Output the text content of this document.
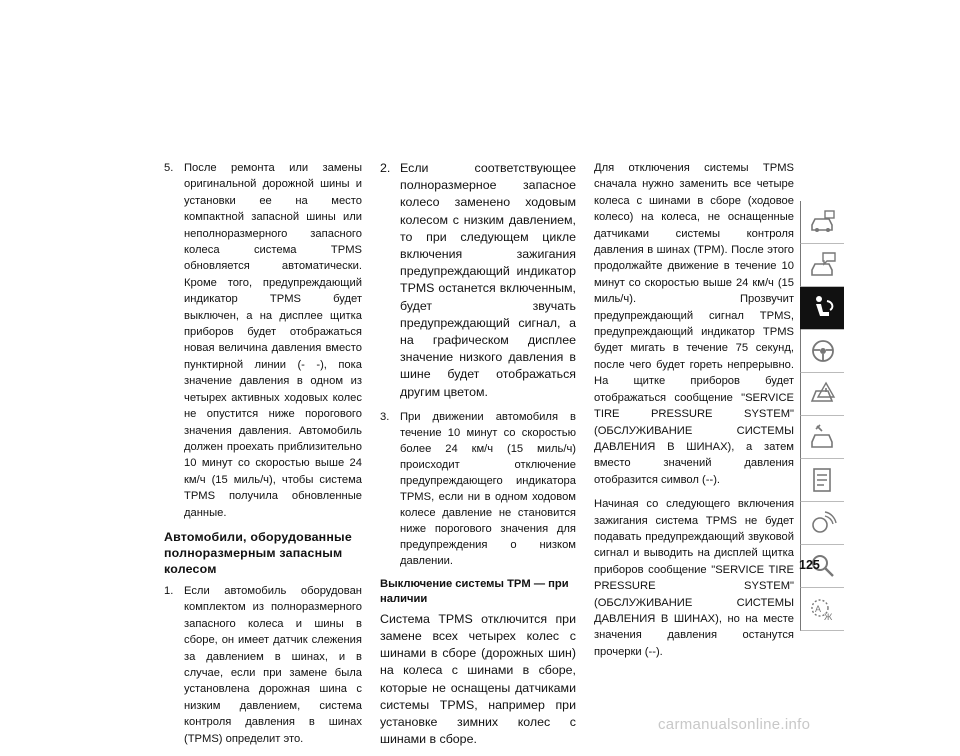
5. После ремонта или замены оригинальной дорожной шины и установки ее на место компактной запасной шины или неполноразмерного запасного колеса система TPMS обновляется автоматически. Кроме того, предупреждающий индикатор TPMS будет выключен, а на дисплее щитка приборов будет отображаться новая величина давления вместо пунктирной линии (- -), пока значение давления в одном из четырех активных ходовых колес не опустится ниже порогового значения давления. Автомобиль должен проехать приблизительно 10 минут со скоростью выше 24 км/ч (15 миль/ч), чтобы система TPMS получила обновленные данные.
Автомобили, оборудованные полноразмерным запасным колесом
1. Если автомобиль оборудован комплектом из полноразмерного запасного колеса и шины в сборе, он имеет датчик слежения за давлением в шинах, и в случае, если при замене была установлена дорожная шина с низким давлением, система контроля давления в шинах (TPMS) определит это.
2. Если соответствующее полноразмерное запасное колесо заменено ходовым колесом с низким давлением, то при следующем цикле включения зажигания предупреждающий индикатор TPMS останется включенным, будет звучать предупреждающий сигнал, а на графическом дисплее значение низкого давления в шине будет отображаться другим цветом.
3. При движении автомобиля в течение 10 минут со скоростью более 24 км/ч (15 миль/ч) происходит отключение предупреждающего индикатора TPMS, если ни в одном ходовом колесе давление не становится ниже порогового значения для предупреждения о низком давлении.
Выключение системы TPM — при наличии

Система TPMS отключится при замене всех четырех колес с шинами в сборе (дорожных шин) на колеса с шинами в сборе, которые не оснащены датчиками системы TPMS, например при установке зимних колес с шинами в сборе.

Для отключения системы TPMS сначала нужно заменить все четыре колеса с шинами в сборе (ходовое колесо) на колеса, не оснащенные датчиками системы контроля давления в шинах (TPM). После этого продолжайте движение в течение 10 минут со скоростью выше 24 км/ч (15 миль/ч). Прозвучит предупреждающий сигнал TPMS, предупреждающий индикатор TPMS будет мигать в течение 75 секунд, после чего будет гореть непрерывно. На щитке приборов будет отображаться сообщение "SERVICE TIRE PRESSURE SYSTEM" (ОБСЛУЖИВАНИЕ СИСТЕМЫ ДАВЛЕНИЯ В ШИНАХ), а затем вместо значений давления отобразится символ (--).

Начиная со следующего включения зажигания система TPMS не будет подавать предупреждающий звуковой сигнал и выводить на дисплей щитка приборов сообщение "SERVICE TIRE PRESSURE SYSTEM" (ОБСЛУЖИВАНИЕ СИСТЕМЫ ДАВЛЕНИЯ В ШИНАХ), но на месте значения давления останутся прочерки (--).

A
Ж
125
carmanualsonline.info
